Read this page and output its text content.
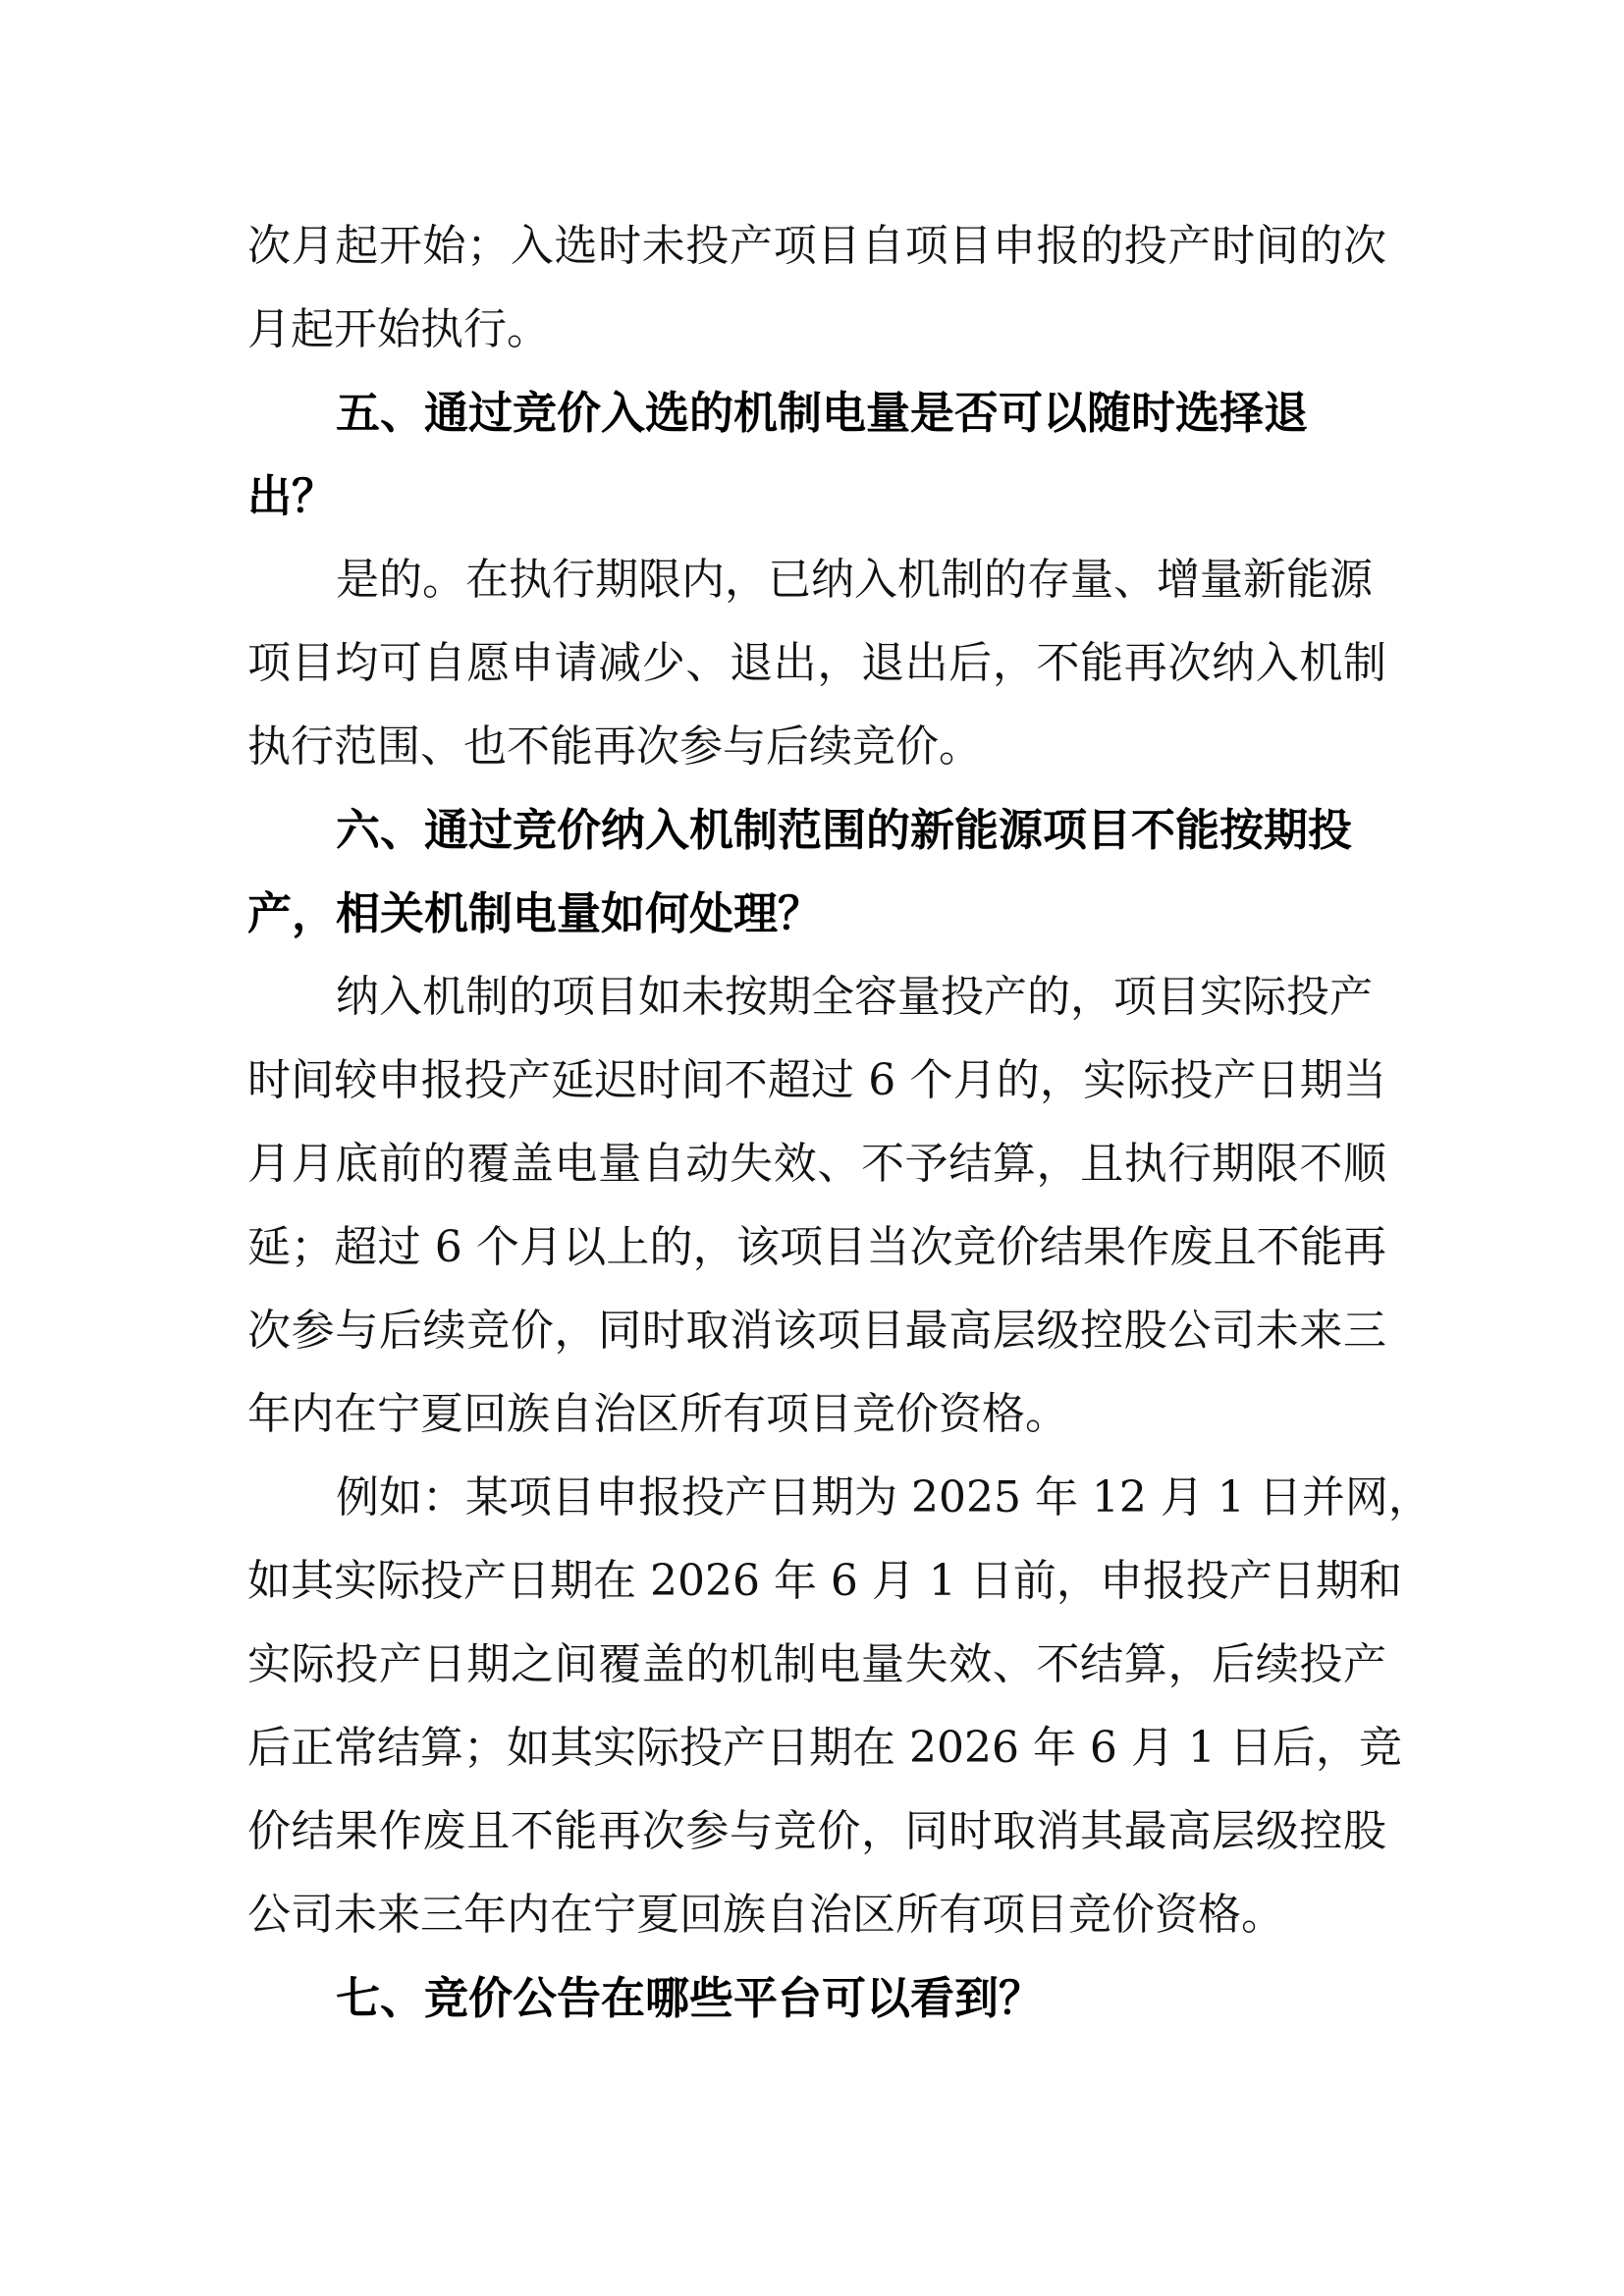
次月起开始；入选时未投产项目自项目申报的投产时间的次
月起开始执行。
五、通过竞价入选的机制电量是否可以随时选择退
出？
是的。在执行期限内，已纳入机制的存量、增量新能源
项目均可自愿申请减少、退出，退出后，不能再次纳入机制
执行范围、也不能再次参与后续竞价。
六、通过竞价纳入机制范围的新能源项目不能按期投
产，相关机制电量如何处理？
纳入机制的项目如未按期全容量投产的，项目实际投产
时间较申报投产延迟时间不超过 6 个月的，实际投产日期当
月月底前的覆盖电量自动失效、不予结算，且执行期限不顺
延；超过 6 个月以上的，该项目当次竞价结果作废且不能再
次参与后续竞价，同时取消该项目最高层级控股公司未来三
年内在宁夏回族自治区所有项目竞价资格。
例如：某项目申报投产日期为 2025 年 12 月 1 日并网，
如其实际投产日期在 2026 年 6 月 1 日前，申报投产日期和
实际投产日期之间覆盖的机制电量失效、不结算，后续投产
后正常结算；如其实际投产日期在 2026 年 6 月 1 日后，竞
价结果作废且不能再次参与竞价，同时取消其最高层级控股
公司未来三年内在宁夏回族自治区所有项目竞价资格。
七、竞价公告在哪些平台可以看到？
